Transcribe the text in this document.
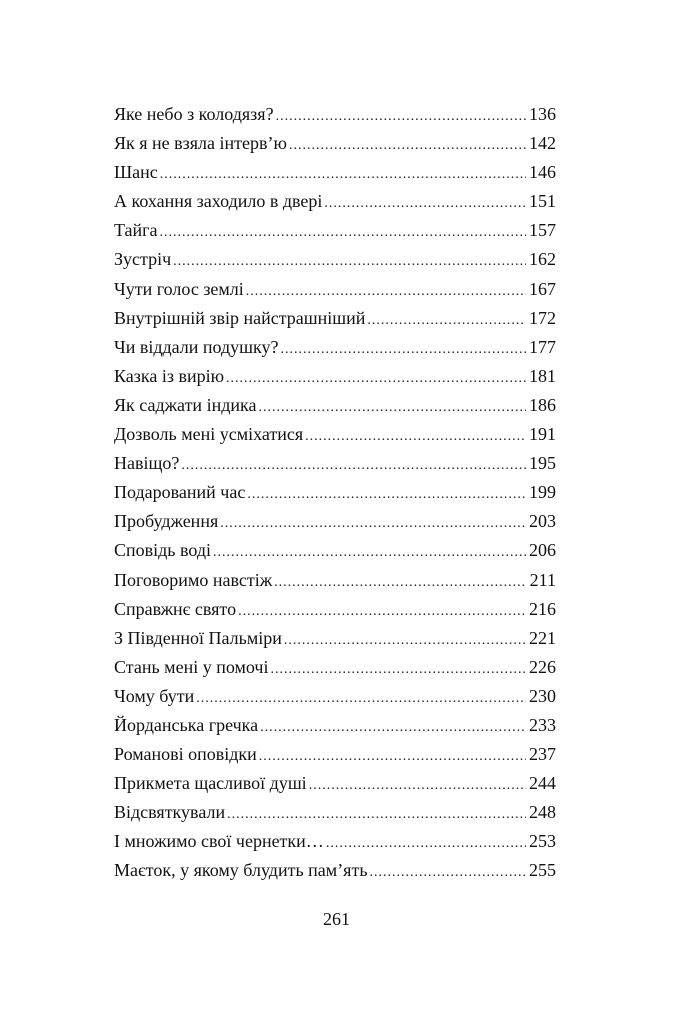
Яке небо з колодязя? .....	136
Як я не взяла інтерв’ю .....	142
Шанс .....	146
А кохання заходило в двері .....	151
Тайга .....	157
Зустріч .....	162
Чути голос землі .....	167
Внутрішній звір найстрашніший .....	172
Чи віддали подушку? .....	177
Казка із вирію .....	181
Як саджати індика .....	186
Дозволь мені усміхатися .....	191
Навіщо? .....	195
Подарований час .....	199
Пробудження .....	203
Сповідь воді .....	206
Поговоримо навстіж .....	211
Справжнє свято .....	216
З Південної Пальміри .....	221
Стань мені у помочі .....	226
Чому бути .....	230
Йорданська гречка .....	233
Романові оповідки .....	237
Прикмета щасливої душі .....	244
Відсвяткували .....	248
І множимо свої чернетки… .....	253
Маєток, у якому блудить пам’ять .....	255
261
